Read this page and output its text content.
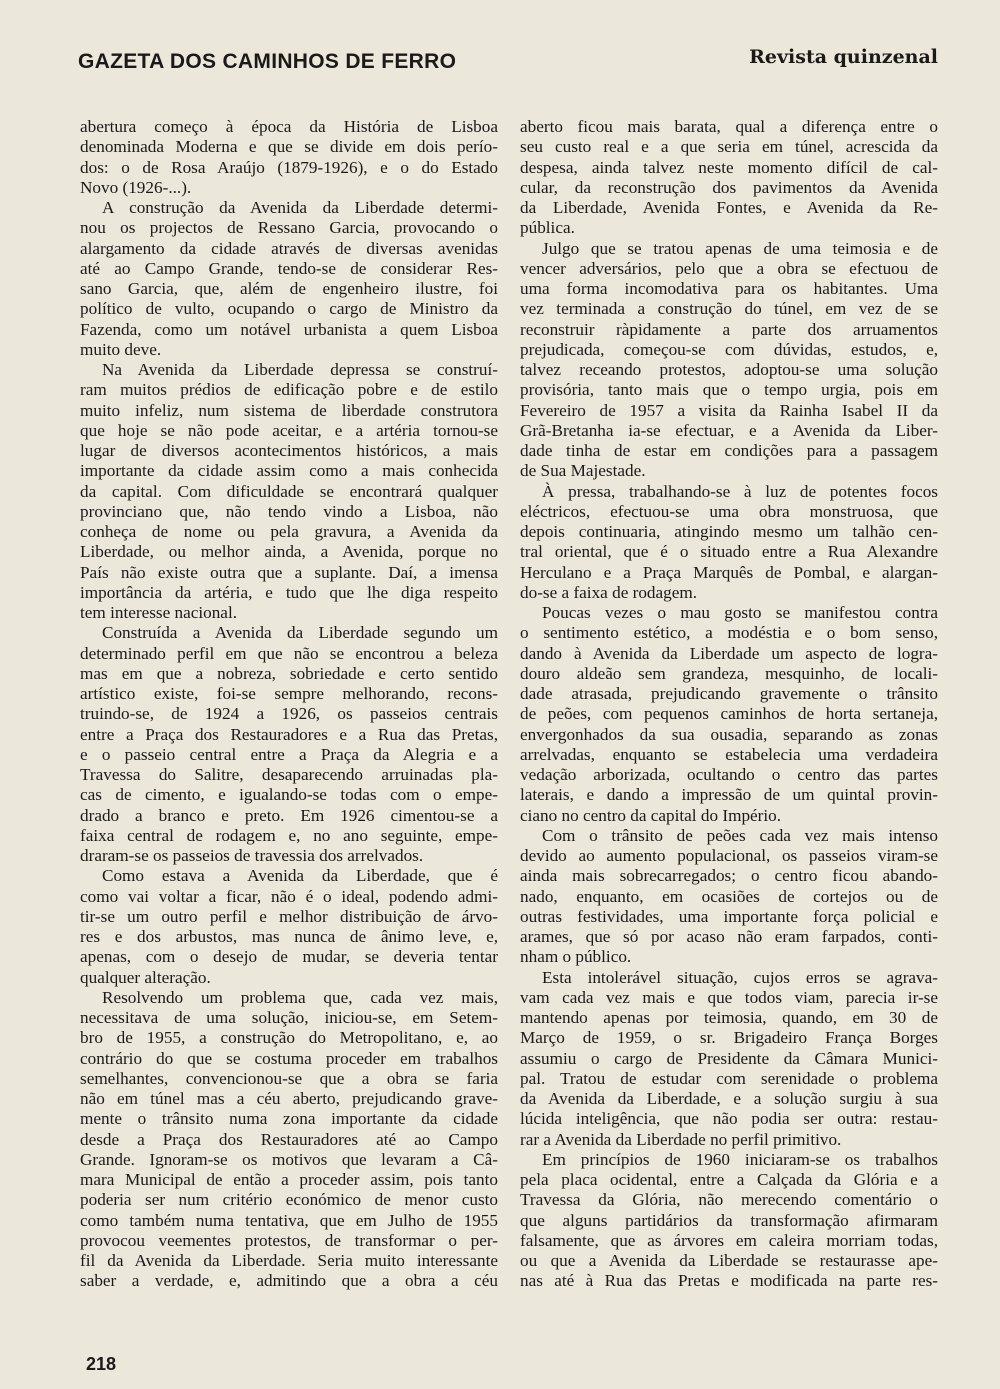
GAZETA DOS CAMINHOS DE FERRO	Revista quinzenal
abertura começo à época da História de Lisboa
denominada Moderna e que se divide em dois perío-
dos: o de Rosa Araújo (1879-1926), e o do Estado
Novo (1926-...).
A construção da Avenida da Liberdade determi-
nou os projectos de Ressano Garcia, provocando o
alargamento da cidade através de diversas avenidas
até ao Campo Grande, tendo-se de considerar Res-
sano Garcia, que, além de engenheiro ilustre, foi
político de vulto, ocupando o cargo de Ministro da
Fazenda, como um notável urbanista a quem Lisboa
muito deve.
Na Avenida da Liberdade depressa se construí-
ram muitos prédios de edificação pobre e de estilo
muito infeliz, num sistema de liberdade construtora
que hoje se não pode aceitar, e a artéria tornou-se
lugar de diversos acontecimentos históricos, a mais
importante da cidade assim como a mais conhecida
da capital. Com dificuldade se encontrará qualquer
provinciano que, não tendo vindo a Lisboa, não
conheça de nome ou pela gravura, a Avenida da
Liberdade, ou melhor ainda, a Avenida, porque no
País não existe outra que a suplante. Daí, a imensa
importância da artéria, e tudo que lhe diga respeito
tem interesse nacional.
Construída a Avenida da Liberdade segundo um
determinado perfil em que não se encontrou a beleza
mas em que a nobreza, sobriedade e certo sentido
artístico existe, foi-se sempre melhorando, recons-
truindo-se, de 1924 a 1926, os passeios centrais
entre a Praça dos Restauradores e a Rua das Pretas,
e o passeio central entre a Praça da Alegria e a
Travessa do Salitre, desaparecendo arruinadas pla-
cas de cimento, e igualando-se todas com o empe-
drado a branco e preto. Em 1926 cimentou-se a
faixa central de rodagem e, no ano seguinte, empe-
draram-se os passeios de travessia dos arrelvados.
Como estava a Avenida da Liberdade, que é
como vai voltar a ficar, não é o ideal, podendo admi-
tir-se um outro perfil e melhor distribuição de árvo-
res e dos arbustos, mas nunca de ânimo leve, e,
apenas, com o desejo de mudar, se deveria tentar
qualquer alteração.
Resolvendo um problema que, cada vez mais,
necessitava de uma solução, iniciou-se, em Setem-
bro de 1955, a construção do Metropolitano, e, ao
contrário do que se costuma proceder em trabalhos
semelhantes, convencionou-se que a obra se faria
não em túnel mas a céu aberto, prejudicando grave-
mente o trânsito numa zona importante da cidade
desde a Praça dos Restauradores até ao Campo
Grande. Ignoram-se os motivos que levaram a Câ-
mara Municipal de então a proceder assim, pois tanto
poderia ser num critério económico de menor custo
como também numa tentativa, que em Julho de 1955
provocou veementes protestos, de transformar o per-
fil da Avenida da Liberdade. Seria muito interessante
saber a verdade, e, admitindo que a obra a céu
aberto ficou mais barata, qual a diferença entre o
seu custo real e a que seria em túnel, acrescida da
despesa, ainda talvez neste momento difícil de cal-
cular, da reconstrução dos pavimentos da Avenida
da Liberdade, Avenida Fontes, e Avenida da Re-
pública.
Julgo que se tratou apenas de uma teimosia e de
vencer adversários, pelo que a obra se efectuou de
uma forma incomodativa para os habitantes. Uma
vez terminada a construção do túnel, em vez de se
reconstruir ràpidamente a parte dos arruamentos
prejudicada, começou-se com dúvidas, estudos, e,
talvez receando protestos, adoptou-se uma solução
provisória, tanto mais que o tempo urgia, pois em
Fevereiro de 1957 a visita da Rainha Isabel II da
Grã-Bretanha ia-se efectuar, e a Avenida da Liber-
dade tinha de estar em condições para a passagem
de Sua Majestade.
À pressa, trabalhando-se à luz de potentes focos
eléctricos, efectuou-se uma obra monstruosa, que
depois continuaria, atingindo mesmo um talhão cen-
tral oriental, que é o situado entre a Rua Alexandre
Herculano e a Praça Marquês de Pombal, e alargan-
do-se a faixa de rodagem.
Poucas vezes o mau gosto se manifestou contra
o sentimento estético, a modéstia e o bom senso,
dando à Avenida da Liberdade um aspecto de logra-
douro aldeão sem grandeza, mesquinho, de locali-
dade atrasada, prejudicando gravemente o trânsito
de peões, com pequenos caminhos de horta sertaneja,
envergonhados da sua ousadia, separando as zonas
arrelvadas, enquanto se estabelecia uma verdadeira
vedação arborizada, ocultando o centro das partes
laterais, e dando a impressão de um quintal provin-
ciano no centro da capital do Império.
Com o trânsito de peões cada vez mais intenso
devido ao aumento populacional, os passeios viram-se
ainda mais sobrecarregados; o centro ficou abando-
nado, enquanto, em ocasiões de cortejos ou de
outras festividades, uma importante força policial e
arames, que só por acaso não eram farpados, conti-
nham o público.
Esta intolerável situação, cujos erros se agrava-
vam cada vez mais e que todos viam, parecia ir-se
mantendo apenas por teimosia, quando, em 30 de
Março de 1959, o sr. Brigadeiro França Borges
assumiu o cargo de Presidente da Câmara Munici-
pal. Tratou de estudar com serenidade o problema
da Avenida da Liberdade, e a solução surgiu à sua
lúcida inteligência, que não podia ser outra: restau-
rar a Avenida da Liberdade no perfil primitivo.
Em princípios de 1960 iniciaram-se os trabalhos
pela placa ocidental, entre a Calçada da Glória e a
Travessa da Glória, não merecendo comentário o
que alguns partidários da transformação afirmaram
falsamente, que as árvores em caleira morriam todas,
ou que a Avenida da Liberdade se restaurasse ape-
nas até à Rua das Pretas e modificada na parte res-
218
